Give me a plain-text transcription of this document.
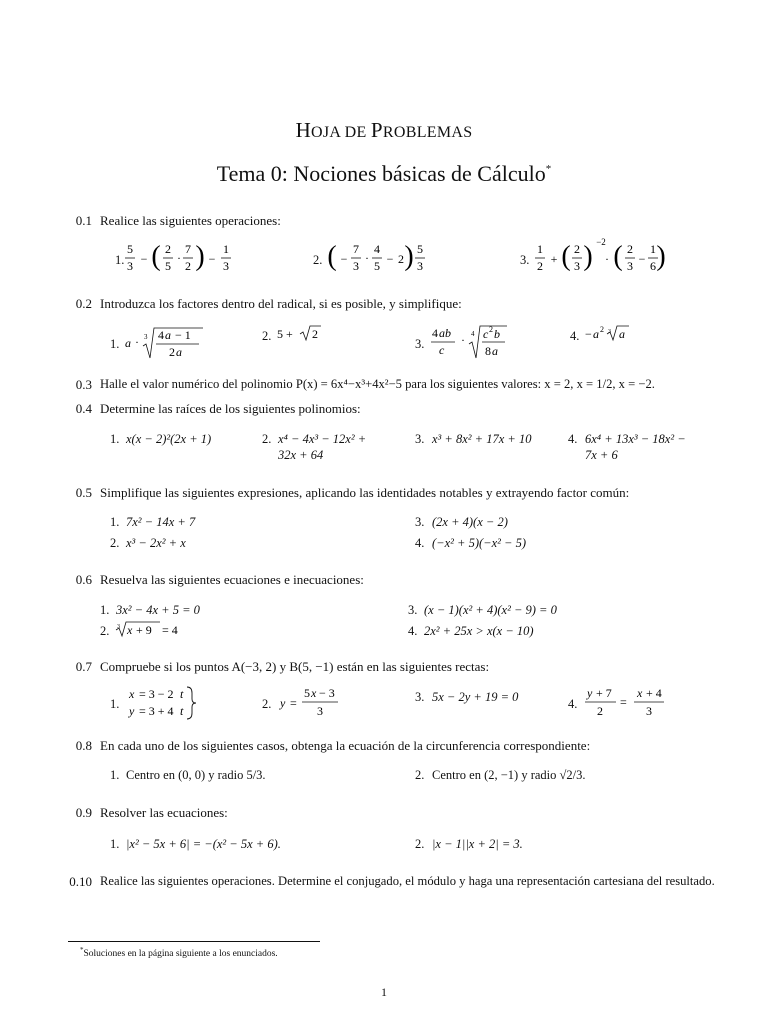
HOJA DE PROBLEMAS
Tema 0: Nociones básicas de Cálculo*
0.1 Realice las siguientes operaciones:
1.
5
3 − ( 2
5
·
7
2 ) −
1
3	2. ( −
7
3
·
4
5 − 2 ) 5
3	3.
1
2 + ( 2
3 ) −2
· ( 2
3 −
1
6 )
0.2 Introduzca los factores dentro del radical, si es posible, y simplifique:
1. a · 3 4 a − 1
2 a
2. 5 + 2
3.
4 ab
c
· 4 c 2 b
8 a
4. − a 2 3 a
0.3 Halle el valor numérico del polinomio P(x) = 6x⁴−x³+4x²−5 para los siguientes valores: x = 2, x = 1/2, x = −2.
0.4 Determine las raíces de los siguientes polinomios:
1. x(x − 2)²(2x + 1)	2. x⁴ − 4x³ − 12x² +
32x + 64
3. x³ + 8x² + 17x + 10	4. 6x⁴ + 13x³ − 18x² −
7x + 6
0.5 Simplifique las siguientes expresiones, aplicando las identidades notables y extrayendo factor común:
1. 7x² − 14x + 7
2. x³ − 2x² + x
3. (2x + 4)(x − 2)
4. (−x² + 5)(−x² − 5)
0.6 Resuelva las siguientes ecuaciones e inecuaciones:
1. 3x² − 4x + 5 = 0
2. 3 x + 9 = 4
3. (x − 1)(x² + 4)(x² − 9) = 0
4. 2x² + 25x > x(x − 10)
0.7 Compruebe si los puntos A(−3, 2) y B(5, −1) están en las siguientes rectas:
1.
x = 3 − 2 t
y = 3 + 4 t	2. y =
5 x − 3
3
3. 5x − 2y + 19 = 0	4.
y + 7
2
=
x + 4
3
0.8 En cada uno de los siguientes casos, obtenga la ecuación de la circunferencia correspondiente:
1. Centro en (0, 0) y radio 5/3.	2. Centro en (2, −1) y radio √2/3.
0.9 Resolver las ecuaciones:
1. |x² − 5x + 6| = −(x² − 5x + 6).	2. |x − 1||x + 2| = 3.
0.10 Realice las siguientes operaciones. Determine el conjugado, el módulo y haga una representación cartesiana del resultado.
*Soluciones en la página siguiente a los enunciados.
1
